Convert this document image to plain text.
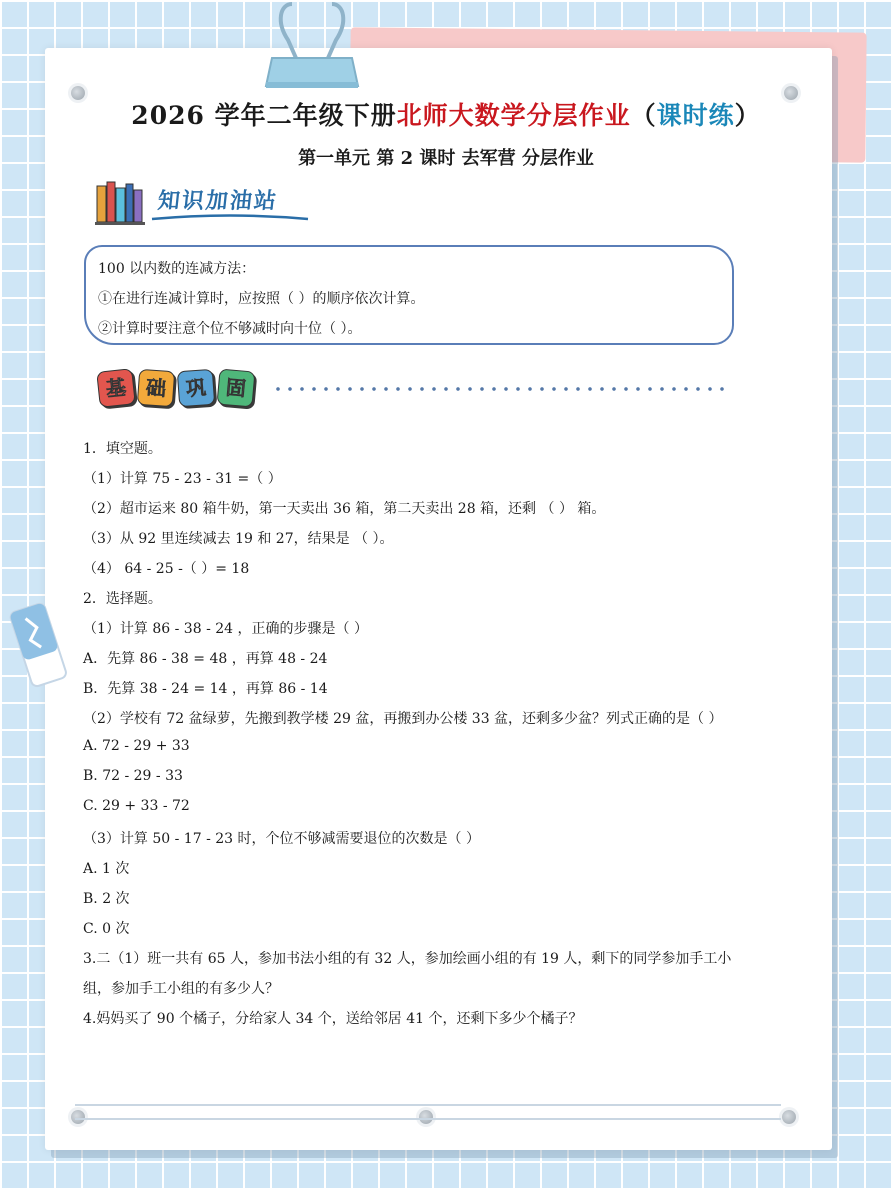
2026 学年二年级下册北师大数学分层作业（课时练）
第一单元 第 2 课时 去军营 分层作业
知识加油站
100 以内数的连减方法：
①在进行连减计算时，应按照（ ）的顺序依次计算。
②计算时要注意个位不够减时向十位（ ）。
基 础 巩 固
1．填空题。
（1）计算 75 - 23 - 31 =（ ）
（2）超市运来 80 箱牛奶，第一天卖出 36 箱，第二天卖出 28 箱，还剩 （ ） 箱。
（3）从 92 里连续减去 19 和 27，结果是 （ ）。
（4） 64 - 25 -（ ）= 18
2．选择题。
（1）计算 86 - 38 - 24 ，正确的步骤是（ ）
A．先算 86 - 38 = 48 ，再算 48 - 24
B．先算 38 - 24 = 14 ，再算 86 - 14
（2）学校有 72 盆绿萝，先搬到教学楼 29 盆，再搬到办公楼 33 盆，还剩多少盆？列式正确的是（ ）
A. 72 - 29 + 33
B. 72 - 29 - 33
C. 29 + 33 - 72
（3）计算 50 - 17 - 23 时，个位不够减需要退位的次数是（ ）
A. 1 次
B. 2 次
C. 0 次
3.二（1）班一共有 65 人，参加书法小组的有 32 人，参加绘画小组的有 19 人，剩下的同学参加手工小
组，参加手工小组的有多少人？
4.妈妈买了 90 个橘子，分给家人 34 个，送给邻居 41 个，还剩下多少个橘子？
